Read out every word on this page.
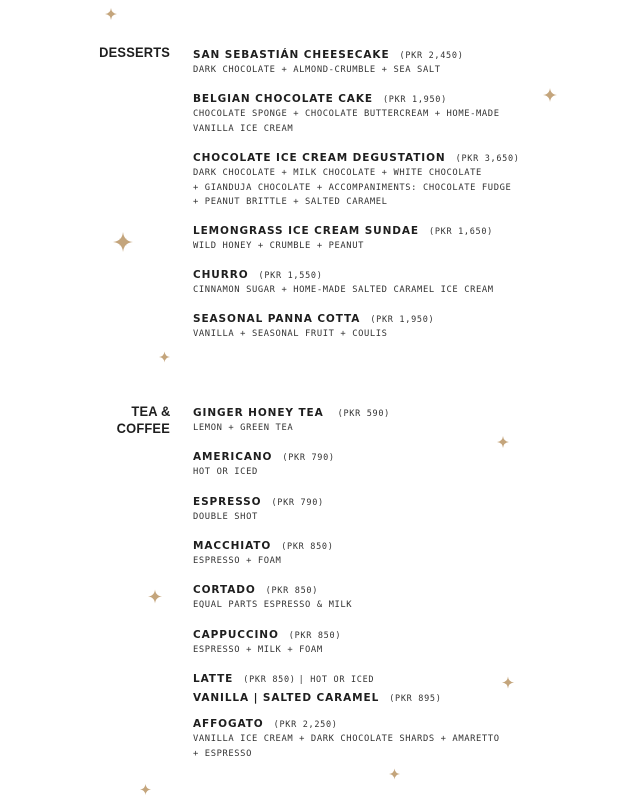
DESSERTS SAN SEBASTIÁN CHEESECAKE (PKR 2,450)
DARK CHOCOLATE + ALMOND-CRUMBLE + SEA SALT
BELGIAN CHOCOLATE CAKE (PKR 1,950)
CHOCOLATE SPONGE + CHOCOLATE BUTTERCREAM + HOME-MADE
VANILLA ICE CREAM
CHOCOLATE ICE CREAM DEGUSTATION (PKR 3,650)
DARK CHOCOLATE + MILK CHOCOLATE + WHITE CHOCOLATE
+ GIANDUJA CHOCOLATE + ACCOMPANIMENTS: CHOCOLATE FUDGE
+ PEANUT BRITTLE + SALTED CARAMEL
LEMONGRASS ICE CREAM SUNDAE (PKR 1,650)
WILD HONEY + CRUMBLE + PEANUT
CHURRO (PKR 1,550)
CINNAMON SUGAR + HOME-MADE SALTED CARAMEL ICE CREAM
SEASONAL PANNA COTTA (PKR 1,950)
VANILLA + SEASONAL FRUIT + COULIS
TEA &
COFFEE
GINGER HONEY TEA (PKR 590)
LEMON + GREEN TEA
AMERICANO (PKR 790)
HOT OR ICED
ESPRESSO (PKR 790)
DOUBLE SHOT
MACCHIATO (PKR 850)
ESPRESSO + FOAM
CORTADO (PKR 850)
EQUAL PARTS ESPRESSO & MILK
CAPPUCCINO (PKR 850)
ESPRESSO + MILK + FOAM
LATTE (PKR 850) | HOT OR ICED
VANILLA | SALTED CARAMEL (PKR 895)
AFFOGATO (PKR 2,250)
VANILLA ICE CREAM + DARK CHOCOLATE SHARDS + AMARETTO
+ ESPRESSO
